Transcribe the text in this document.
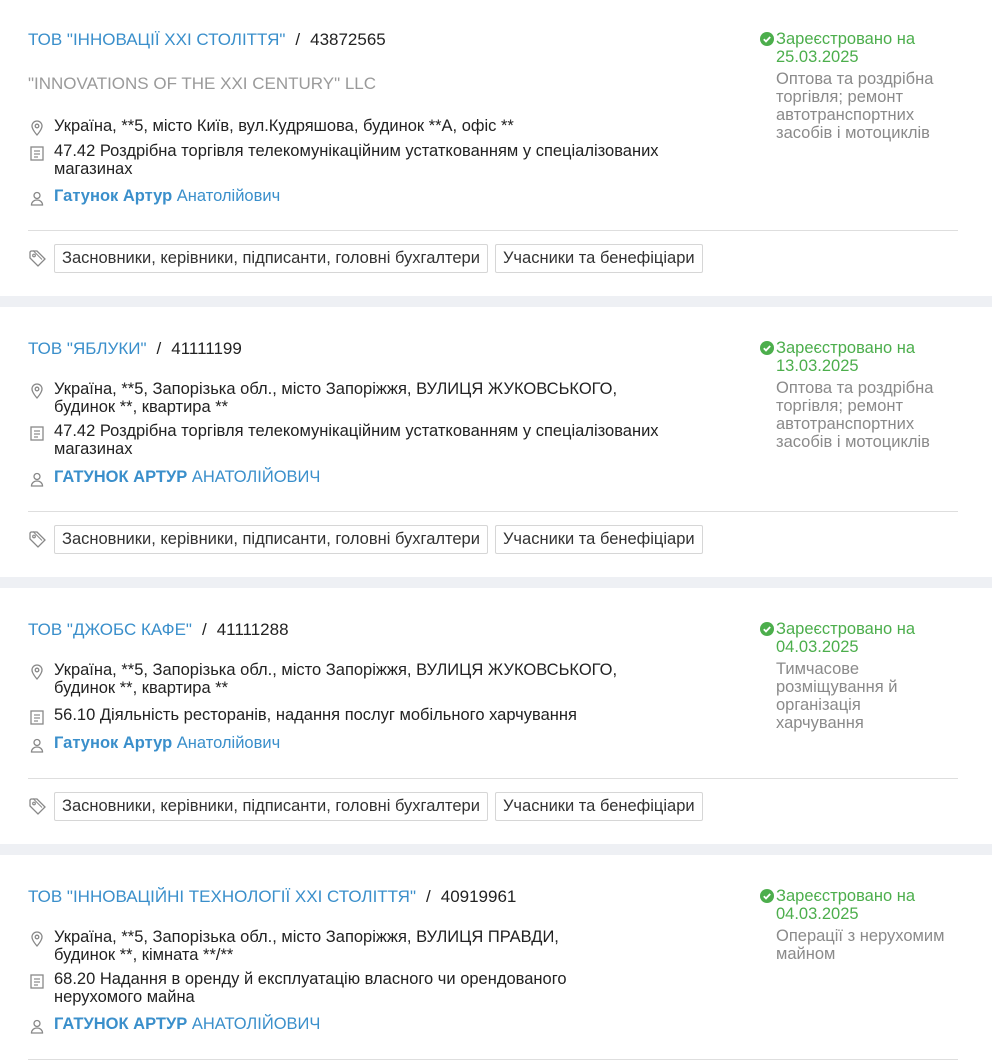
ТОВ "ІННОВАЦІЇ XXI СТОЛІТТЯ" / 43872565
"INNOVATIONS OF THE XXI CENTURY" LLC
Україна, **5, місто Київ, вул.Кудряшова, будинок **А, офіс **
47.42 Роздрібна торгівля телекомунікаційним устаткованням у спеціалізованих магазинах
Гатунок Артур Анатолійович
Зареєстровано на 25.03.2025
Оптова та роздрібна торгівля; ремонт автотранспортних засобів і мотоциклів
Засновники, керівники, підписанти, головні бухгалтери	Учасники та бенефіціари
ТОВ "ЯБЛУКИ" / 41111199
Україна, **5, Запорізька обл., місто Запоріжжя, ВУЛИЦЯ ЖУКОВСЬКОГО, будинок **, квартира **
47.42 Роздрібна торгівля телекомунікаційним устаткованням у спеціалізованих магазинах
ГАТУНОК АРТУР АНАТОЛІЙОВИЧ
Зареєстровано на 13.03.2025
Оптова та роздрібна торгівля; ремонт автотранспортних засобів і мотоциклів
Засновники, керівники, підписанти, головні бухгалтери	Учасники та бенефіціари
ТОВ "ДЖОБС КАФЕ" / 41111288
Україна, **5, Запорізька обл., місто Запоріжжя, ВУЛИЦЯ ЖУКОВСЬКОГО, будинок **, квартира **
56.10 Діяльність ресторанів, надання послуг мобільного харчування
Гатунок Артур Анатолійович
Зареєстровано на 04.03.2025
Тимчасове розміщування й організація харчування
Засновники, керівники, підписанти, головні бухгалтери	Учасники та бенефіціари
ТОВ "ІННОВАЦІЙНІ ТЕХНОЛОГІЇ XXI СТОЛІТТЯ" / 40919961
Україна, **5, Запорізька обл., місто Запоріжжя, ВУЛИЦЯ ПРАВДИ, будинок **, кімната **/**
68.20 Надання в оренду й експлуатацію власного чи орендованого нерухомого майна
ГАТУНОК АРТУР АНАТОЛІЙОВИЧ
Зареєстровано на 04.03.2025
Операції з нерухомим майном
